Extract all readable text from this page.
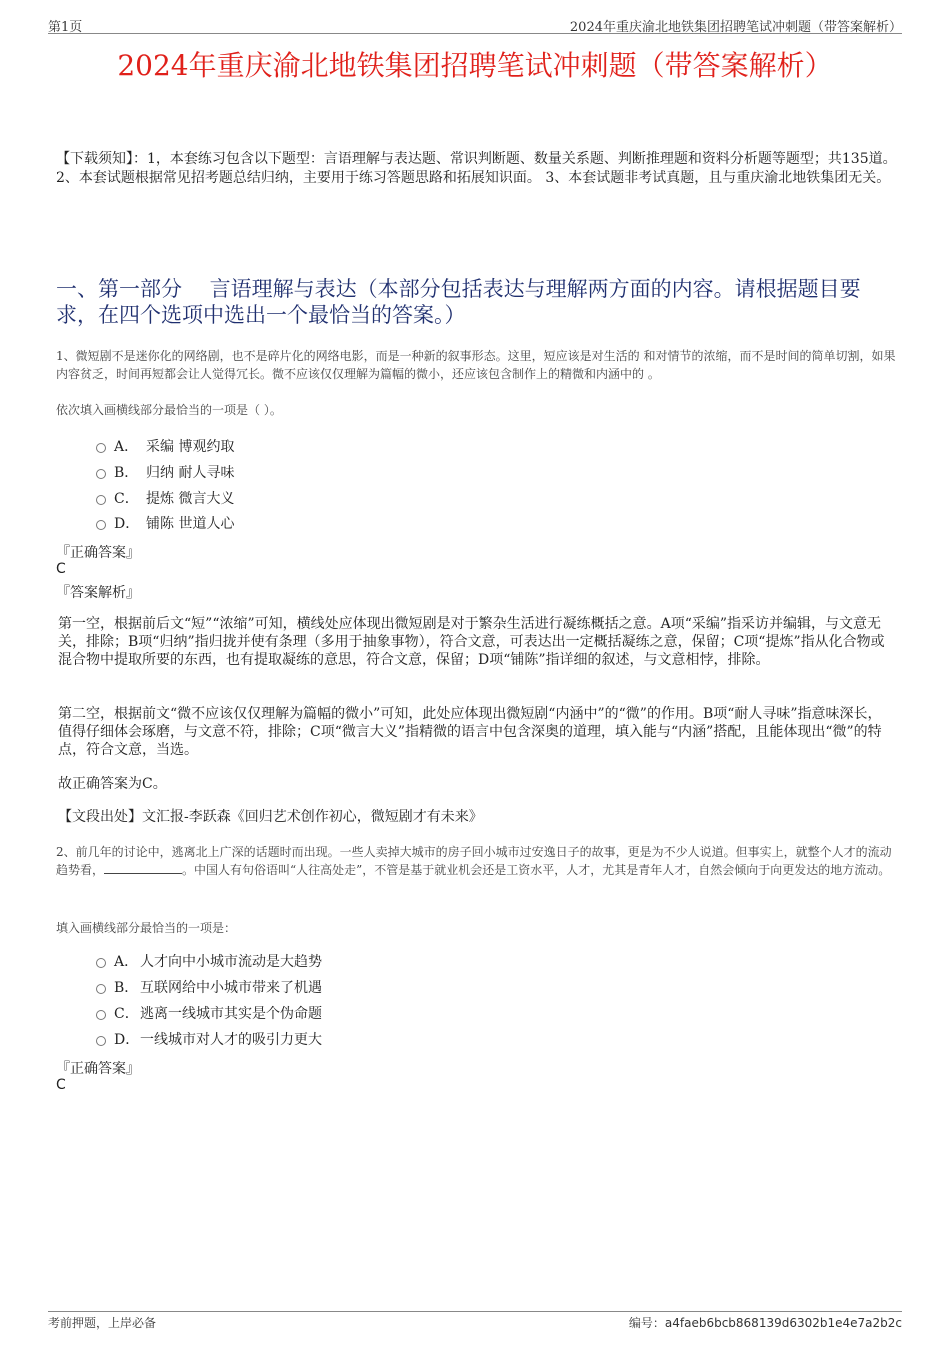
第1页	2024年重庆渝北地铁集团招聘笔试冲刺题（带答案解析）
2024年重庆渝北地铁集团招聘笔试冲刺题（带答案解析）
【下载须知】：1，本套练习包含以下题型：言语理解与表达题、常识判断题、数量关系题、判断推理题和资料分析题等题型；共135道。 2、本套试题根据常见招考题总结归纳，主要用于练习答题思路和拓展知识面。 3、本套试题非考试真题，且与重庆渝北地铁集团无关。
一、第一部分　 言语理解与表达（本部分包括表达与理解两方面的内容。请根据题目要求，在四个选项中选出一个最恰当的答案。）
1、微短剧不是迷你化的网络剧，也不是碎片化的网络电影，而是一种新的叙事形态。这里，短应该是对生活的 和对情节的浓缩，而不是时间的简单切割，如果内容贫乏，时间再短都会让人觉得冗长。微不应该仅仅理解为篇幅的微小，还应该包含制作上的精微和内涵中的 。
依次填入画横线部分最恰当的一项是（ ）。
A． 采编 博观约取
B． 归纳 耐人寻味
C． 提炼 微言大义
D． 铺陈 世道人心
『正确答案』
C
『答案解析』
第一空，根据前后文“短”“浓缩”可知，横线处应体现出微短剧是对于繁杂生活进行凝练概括之意。A项“采编”指采访并编辑，与文意无关，排除；B项“归纳”指归拢并使有条理（多用于抽象事物），符合文意，可表达出一定概括凝练之意，保留；C项“提炼”指从化合物或混合物中提取所要的东西，也有提取凝练的意思，符合文意，保留；D项“铺陈”指详细的叙述，与文意相悖，排除。
第二空，根据前文“微不应该仅仅理解为篇幅的微小”可知，此处应体现出微短剧“内涵中”的“微”的作用。B项“耐人寻味”指意味深长，值得仔细体会琢磨，与文意不符，排除；C项“微言大义”指精微的语言中包含深奥的道理，填入能与“内涵”搭配，且能体现出“微”的特点，符合文意，当选。
故正确答案为C。
【文段出处】文汇报-李跃森《回归艺术创作初心，微短剧才有未来》
2、前几年的讨论中，逃离北上广深的话题时而出现。一些人卖掉大城市的房子回小城市过安逸日子的故事，更是为不少人说道。但事实上，就整个人才的流动趋势看，	。中国人有句俗语叫“人往高处走”，不管是基于就业机会还是工资水平，人才，尤其是青年人才，自然会倾向于向更发达的地方流动。
填入画横线部分最恰当的一项是：
A． 人才向中小城市流动是大趋势
B． 互联网给中小城市带来了机遇
C． 逃离一线城市其实是个伪命题
D． 一线城市对人才的吸引力更大
『正确答案』
C
考前押题，上岸必备	编号：a4faeb6bcb868139d6302b1e4e7a2b2c
